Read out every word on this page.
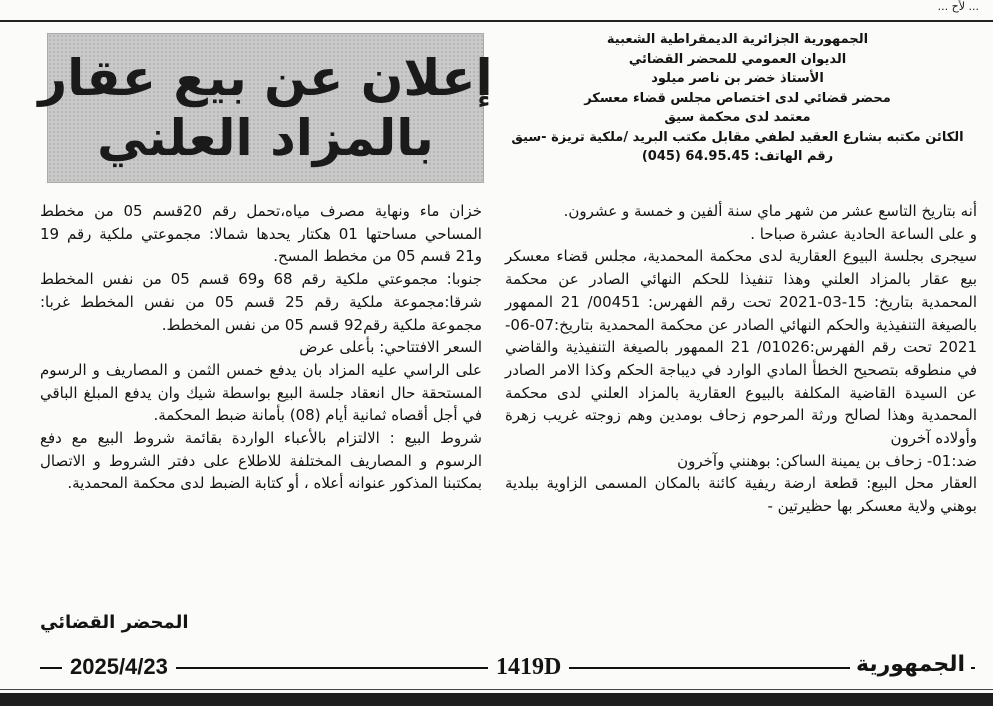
... لأح ...
إعلان عن بيع عقار
بالمزاد العلني
الجمهورية الجزائرية الديمقراطية الشعبية
الديوان العمومي للمحضر القضائي
الأستاذ خضر بن ناصر ميلود
محضر قضائي لدى اختصاص مجلس قضاء معسكر
معتمد لدى محكمة سيق
الكائن مكتبه بشارع العقيد لطفي مقابل مكتب البريد /ملكية تريزة -سيق
رقم الهاتف: 64.95.45 (045)

أنه بتاريخ التاسع عشر من شهر ماي سنة ألفين و خمسة و عشرون.

و على الساعة الحادية عشرة صباحا .

سيجرى بجلسة البيوع العقارية لدى محكمة المحمدية، مجلس قضاء معسكر بيع عقار بالمزاد العلني وهذا تنفيذا للحكم النهائي الصادر عن محكمة المحمدية بتاريخ: 15-03-2021 تحت رقم الفهرس: 00451/ 21 الممهور بالصيغة التنفيذية والحكم النهائي الصادر عن محكمة المحمدية بتاريخ:07-06-2021 تحت رقم الفهرس:01026/ 21 الممهور بالصيغة التنفيذية والقاضي في منطوقه بتصحيح الخطأ المادي الوارد في ديباجة الحكم وكذا الامر الصادر عن السيدة القاضية المكلفة بالبيوع العقارية بالمزاد العلني لدى محكمة المحمدية وهذا لصالح ورثة المرحوم زحاف بومدين وهم زوجته غريب زهرة وأولاده آخرون

ضد:01- زحاف بن يمينة الساكن: بوهنني وآخرون

العقار محل البيع: قطعة ارضة ريفية كائنة بالمكان المسمى الزاوية ببلدية بوهني ولاية معسكر بها حظيرتين -

خزان ماء ونهاية مصرف مياه،تحمل رقم 20قسم 05 من مخطط المساحي مساحتها 01 هكتار يحدها شمالا: مجموعتي ملكية رقم 19 و21 قسم 05 من مخطط المسح.

جنوبا: مجموعتي ملكية رقم 68 و69 قسم 05 من نفس المخطط شرقا:مجموعة ملكية رقم 25 قسم 05 من نفس المخطط غربا: مجموعة ملكية رقم92 قسم 05 من نفس المخطط.

السعر الافتتاحي: بأعلى عرض

على الراسي عليه المزاد بان يدفع خمس الثمن و المصاريف و الرسوم المستحقة حال انعقاد جلسة البيع بواسطة شيك وان يدفع المبلغ الباقي في أجل أقصاه ثمانية أيام (08) بأمانة ضبط المحكمة.

شروط البيع : الالتزام بالأعباء الواردة بقائمة شروط البيع مع دفع الرسوم و المصاريف المختلفة للاطلاع على دفتر الشروط و الاتصال بمكتبنا المذكور عنوانه أعلاه ، أو كتابة الضبط لدى محكمة المحمدية.

المحضر القضائي
2025/4/23	1419D	الجمهورية
